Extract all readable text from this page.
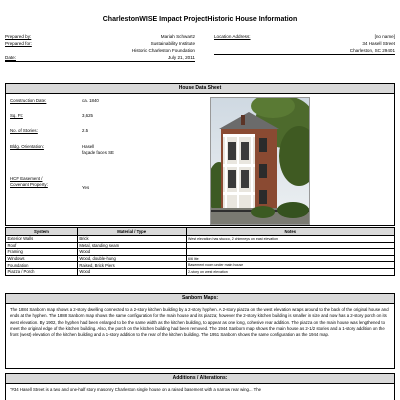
CharlestonWISE Impact ProjectHistoric House Information
Prepared by:	Mariah Schwartz
Prepared for:	Sustainability Institute
Historic Charleston Foundation
Date:	July 21, 2011
Location Address:	[no name]
34 Hasell Street
Charleston, SC 29401
House Data Sheet
Construction Date:	ca. 1840
Sq. Ft:	3,625
No. of Stories:	2.5
Bldg. Orientation:	Hasell
façade faces SE
HCF Easement /
Covenant Property:
Yes
System	Material / Type	Notes
Exterior Walls	Brick	West elevation has stucco, 2 chimneys on east elevation
Roof	Metal, standing seam	
Framing	Wood	
Windows	Wood, double-hung	6/6 lite
Foundation	Raised, Brick Piers	Basement room under main house
Piazza / Porch	Wood	2-story on west elevation
Sanborn Maps:
The 1884 Sanborn map shows a 2-story dwelling connected to a 2-story kitchen building by a 2-story hyphen. A 2-story piazza on the west elevation wraps around to the back of the original house and ends at the hyphen. The 1888 Sanborn map shows the same configuration for the main house and its piazza; however the 2-story kitchen building is smaller in size and now has a 2-story porch on its west elevation. By 1902, the hyphen had been enlarged to be the same width as the kitchen building, to appear as one long, cohesive rear addition. The piazza on the main house was lengthened to meet the original edge of the kitchen building. Also, the porch on the kitchen building had been removed. The 1944 Sanborn map shows the main house as 2-1/2 stories and a 1-story addition on the front (west) elevation of the kitchen building and a 1-story addition to the rear of the kitchen building. The 1951 Sanborn shows the same configuration as the 1944 map.
Additions / Alterations:
"#34 Hasell Street is a two and one-half story masonry Charleston single house on a raised basement with a narrow rear wing... The
